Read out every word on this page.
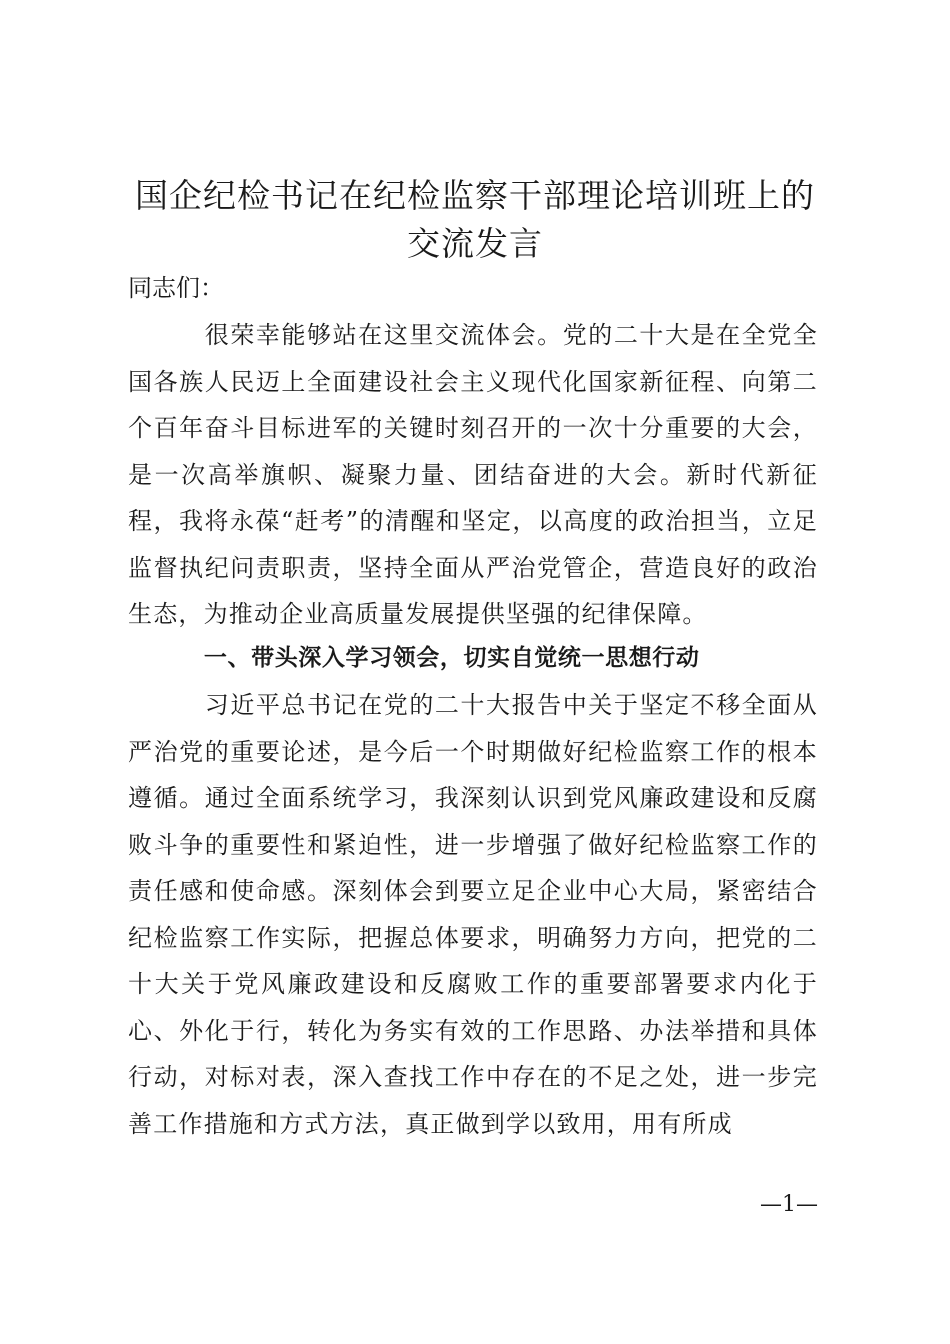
国企纪检书记在纪检监察干部理论培训班上的
交流发言

同志们：

很荣幸能够站在这里交流体会。党的二十大是在全党全国各族人民迈上全面建设社会主义现代化国家新征程、向第二个百年奋斗目标进军的关键时刻召开的一次十分重要的大会，是一次高举旗帜、凝聚力量、团结奋进的大会。新时代新征程，我将永葆“赶考”的清醒和坚定，以高度的政治担当，立足监督执纪问责职责，坚持全面从严治党管企，营造良好的政治生态，为推动企业高质量发展提供坚强的纪律保障。

一、带头深入学习领会，切实自觉统一思想行动

习近平总书记在党的二十大报告中关于坚定不移全面从严治党的重要论述，是今后一个时期做好纪检监察工作的根本遵循。通过全面系统学习，我深刻认识到党风廉政建设和反腐败斗争的重要性和紧迫性，进一步增强了做好纪检监察工作的责任感和使命感。深刻体会到要立足企业中心大局，紧密结合纪检监察工作实际，把握总体要求，明确努力方向，把党的二十大关于党风廉政建设和反腐败工作的重要部署要求内化于心、外化于行，转化为务实有效的工作思路、办法举措和具体行动，对标对表，深入查找工作中存在的不足之处，进一步完善工作措施和方式方法，真正做到学以致用，用有所成

—1—
